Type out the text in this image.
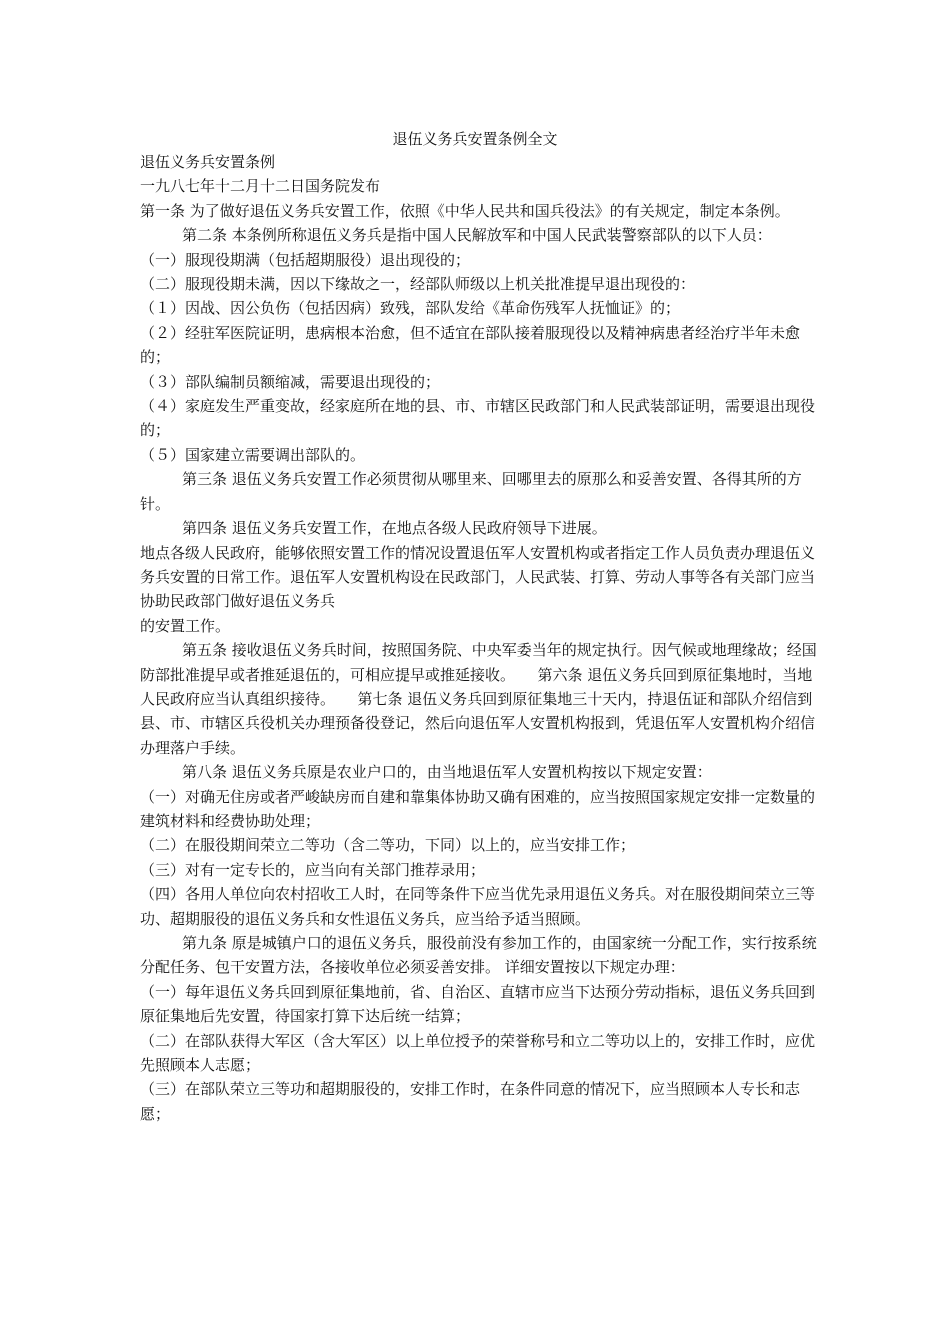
退伍义务兵安置条例全文

退伍义务兵安置条例

一九八七年十二月十二日国务院发布

第一条 为了做好退伍义务兵安置工作，依照《中华人民共和国兵役法》的有关规定，制定本条例。

第二条 本条例所称退伍义务兵是指中国人民解放军和中国人民武装警察部队的以下人员：

（一）服现役期满（包括超期服役）退出现役的；

（二）服现役期未满，因以下缘故之一，经部队师级以上机关批准提早退出现役的：

（１）因战、因公负伤（包括因病）致残，部队发给《革命伤残军人抚恤证》的；

（２）经驻军医院证明，患病根本治愈，但不适宜在部队接着服现役以及精神病患者经治疗半年未愈的；

（３）部队编制员额缩减，需要退出现役的；

（４）家庭发生严重变故，经家庭所在地的县、市、市辖区民政部门和人民武装部证明，需要退出现役的；

（５）国家建立需要调出部队的。

第三条 退伍义务兵安置工作必须贯彻从哪里来、回哪里去的原那么和妥善安置、各得其所的方针。

第四条 退伍义务兵安置工作，在地点各级人民政府领导下进展。

地点各级人民政府，能够依照安置工作的情况设置退伍军人安置机构或者指定工作人员负责办理退伍义务兵安置的日常工作。退伍军人安置机构设在民政部门，人民武装、打算、劳动人事等各有关部门应当协助民政部门做好退伍义务兵

的安置工作。

第五条 接收退伍义务兵时间，按照国务院、中央军委当年的规定执行。因气候或地理缘故；经国防部批准提早或者推延退伍的，可相应提早或推延接收。　　第六条 退伍义务兵回到原征集地时，当地人民政府应当认真组织接待。　　第七条 退伍义务兵回到原征集地三十天内，持退伍证和部队介绍信到县、市、市辖区兵役机关办理预备役登记，然后向退伍军人安置机构报到，凭退伍军人安置机构介绍信办理落户手续。

第八条 退伍义务兵原是农业户口的，由当地退伍军人安置机构按以下规定安置：

（一）对确无住房或者严峻缺房而自建和靠集体协助又确有困难的，应当按照国家规定安排一定数量的建筑材料和经费协助处理；

（二）在服役期间荣立二等功（含二等功，下同）以上的，应当安排工作；

（三）对有一定专长的，应当向有关部门推荐录用；

（四）各用人单位向农村招收工人时，在同等条件下应当优先录用退伍义务兵。对在服役期间荣立三等功、超期服役的退伍义务兵和女性退伍义务兵，应当给予适当照顾。

第九条 原是城镇户口的退伍义务兵，服役前没有参加工作的，由国家统一分配工作，实行按系统分配任务、包干安置方法，各接收单位必须妥善安排。 详细安置按以下规定办理：

（一）每年退伍义务兵回到原征集地前，省、自治区、直辖市应当下达预分劳动指标，退伍义务兵回到原征集地后先安置，待国家打算下达后统一结算；

（二）在部队获得大军区（含大军区）以上单位授予的荣誉称号和立二等功以上的，安排工作时，应优先照顾本人志愿；

（三）在部队荣立三等功和超期服役的，安排工作时，在条件同意的情况下，应当照顾本人专长和志愿；
